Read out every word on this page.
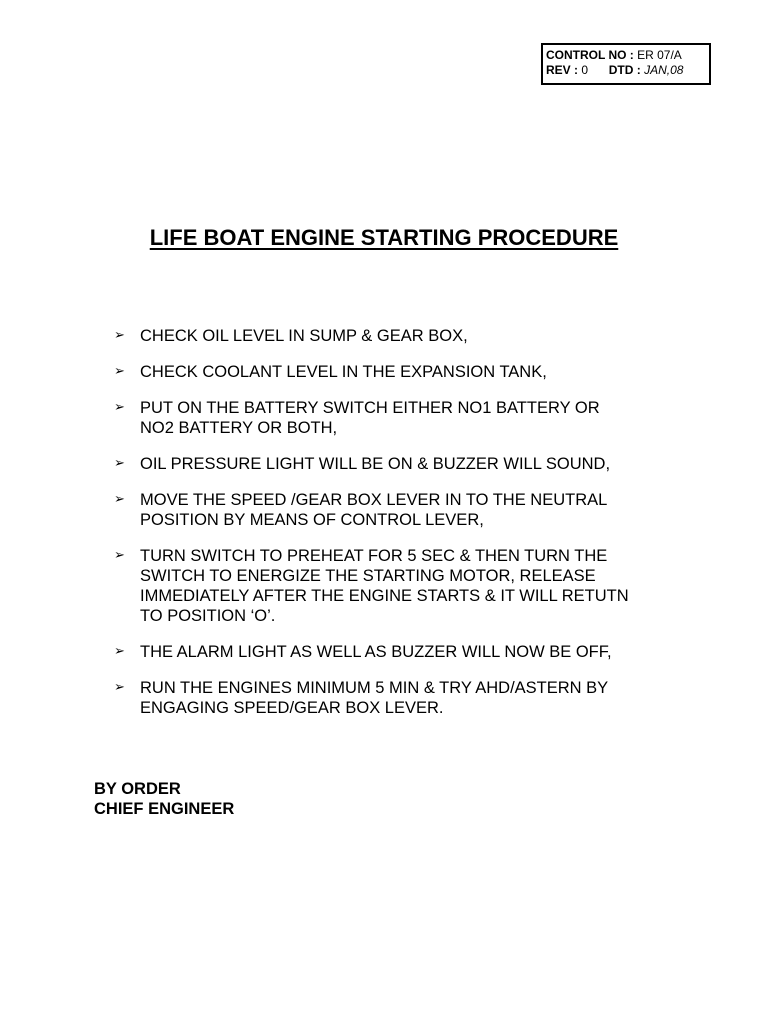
CONTROL NO : ER 07/A
REV : 0 DTD : JAN,08
LIFE BOAT ENGINE STARTING PROCEDURE
➢ CHECK OIL LEVEL IN SUMP & GEAR BOX,
➢ CHECK COOLANT LEVEL IN THE EXPANSION TANK,
➢ PUT ON THE BATTERY SWITCH EITHER NO1 BATTERY OR
NO2 BATTERY OR BOTH,
➢ OIL PRESSURE LIGHT WILL BE ON & BUZZER WILL SOUND,
➢ MOVE THE SPEED /GEAR BOX LEVER IN TO THE NEUTRAL
POSITION BY MEANS OF CONTROL LEVER,
➢ TURN SWITCH TO PREHEAT FOR 5 SEC & THEN TURN THE
SWITCH TO ENERGIZE THE STARTING MOTOR, RELEASE
IMMEDIATELY AFTER THE ENGINE STARTS & IT WILL RETUTN
TO POSITION ‘O’.
➢ THE ALARM LIGHT AS WELL AS BUZZER WILL NOW BE OFF,
➢ RUN THE ENGINES MINIMUM 5 MIN & TRY AHD/ASTERN BY
ENGAGING SPEED/GEAR BOX LEVER.
BY ORDER
CHIEF ENGINEER
